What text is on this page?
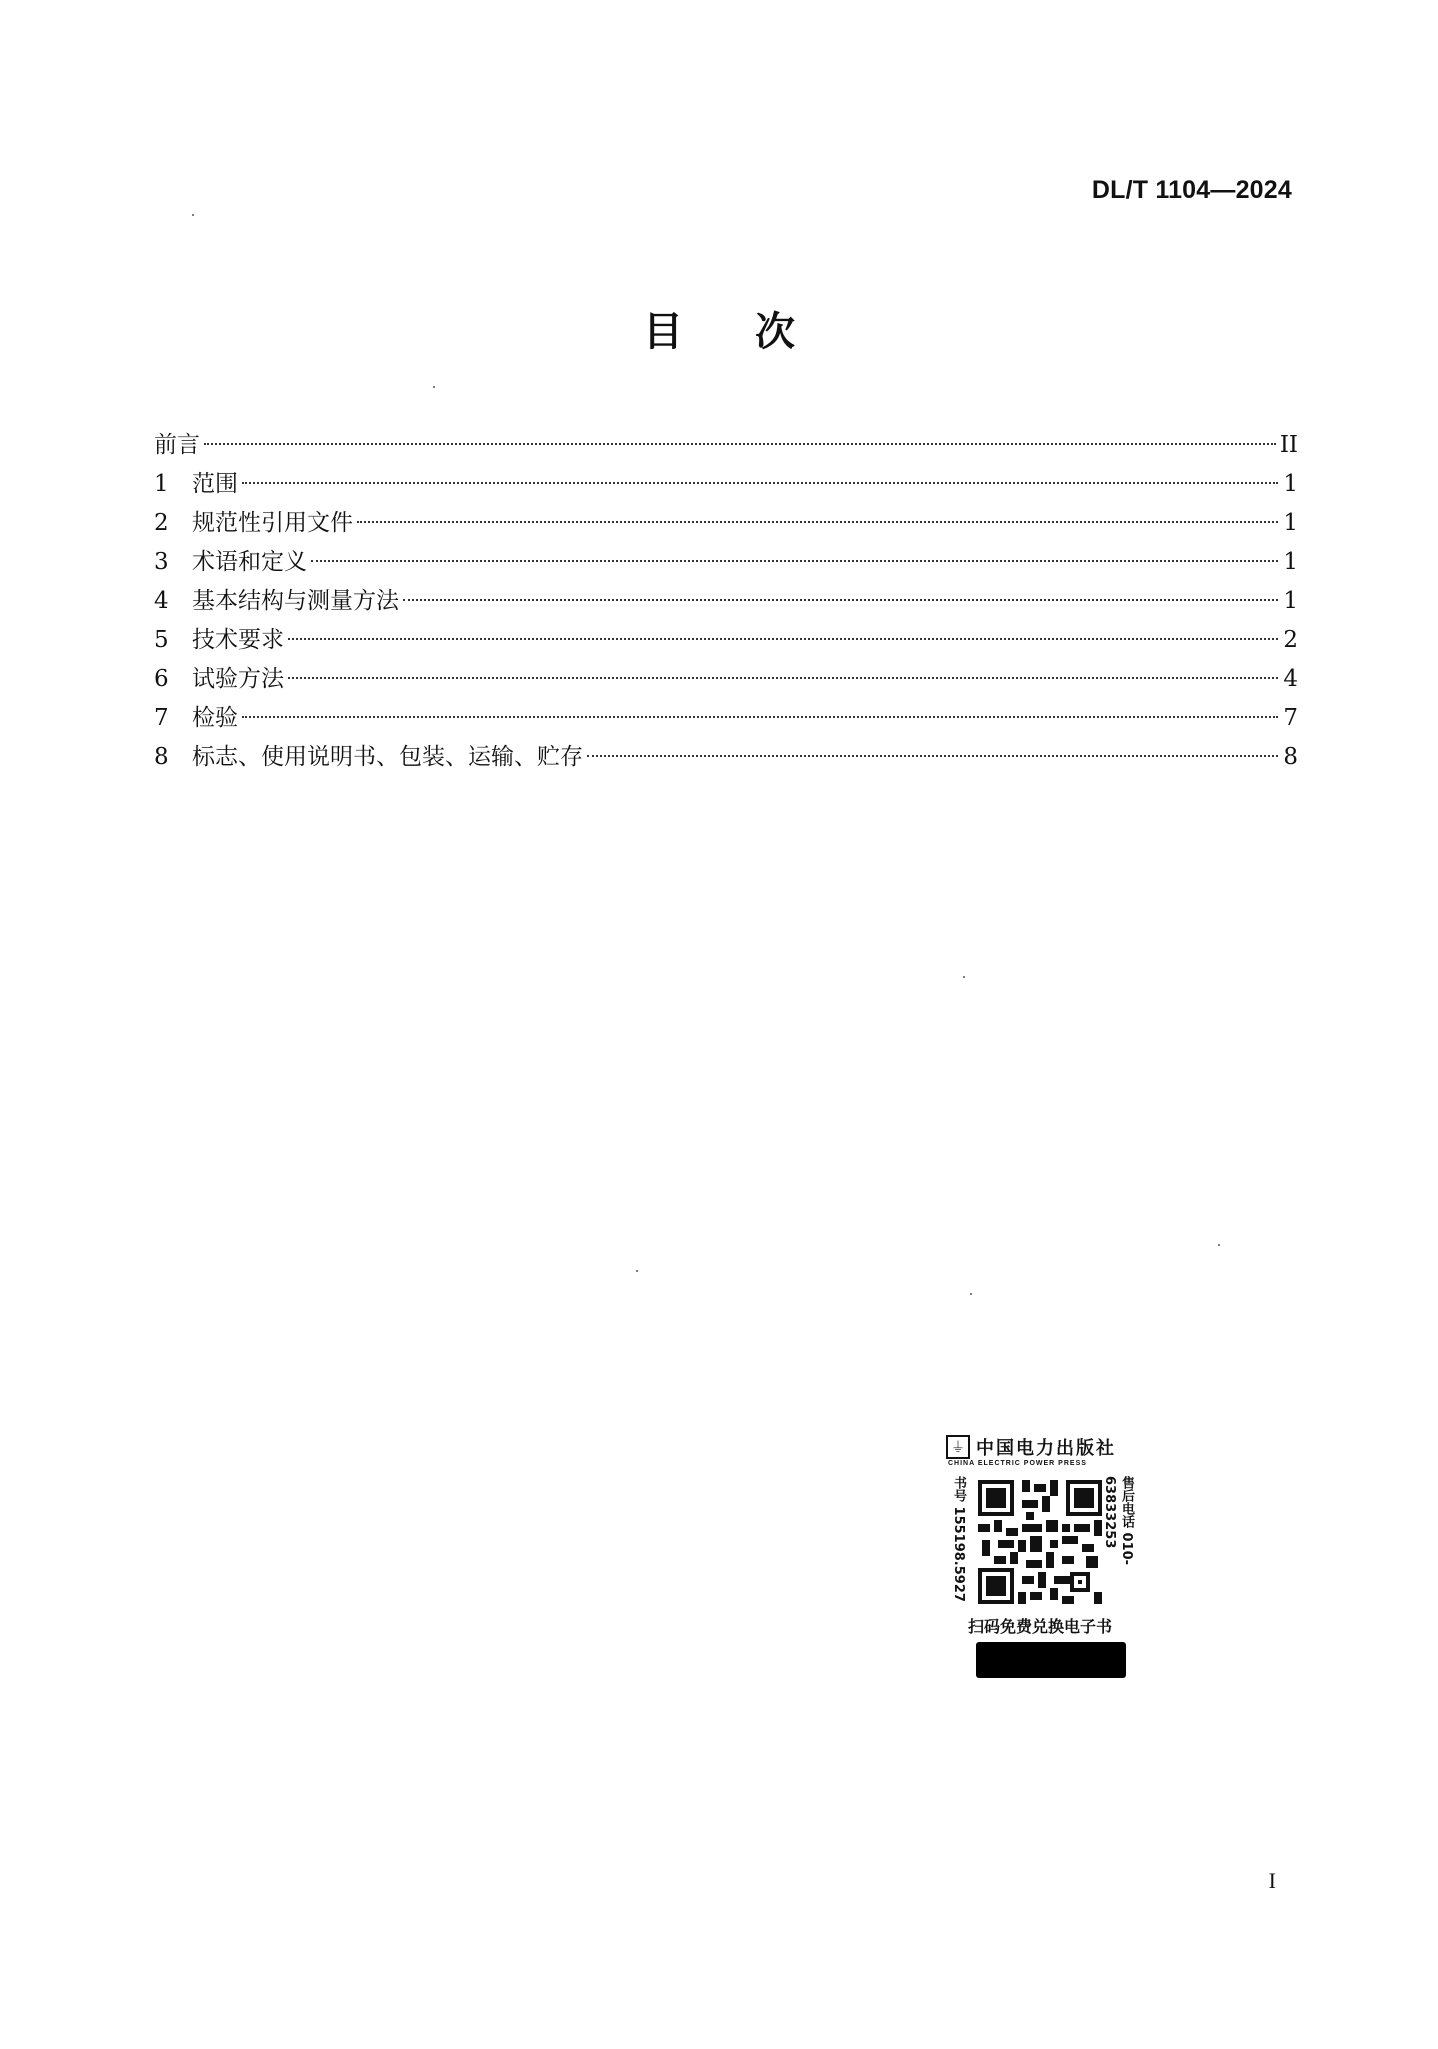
DL/T 1104—2024
目次
前言	II
1	范围	1
2	规范性引用文件	1
3	术语和定义	1
4	基本结构与测量方法	1
5	技术要求	2
6	试验方法	4
7	检验	7
8	标志、使用说明书、包装、运输、贮存	8
⏚ 中国电力出版社
CHINA ELECTRIC POWER PRESS
书号 155198.5927	售后电话 010-63833253
扫码免费兑换电子书
I
